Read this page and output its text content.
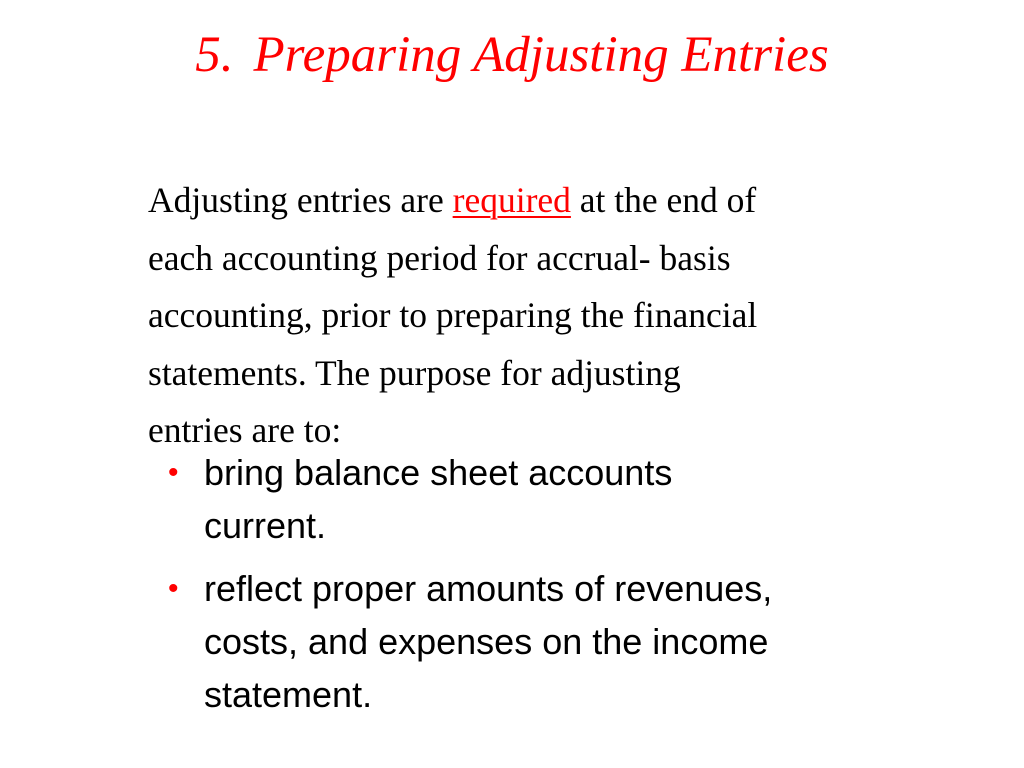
5. Preparing Adjusting Entries
Adjusting entries are required at the end of
each accounting period for accrual- basis
accounting, prior to preparing the financial
statements. The purpose for adjusting
entries are to:
• bring balance sheet accounts
current.
• reflect proper amounts of revenues,
costs, and expenses on the income
statement.
